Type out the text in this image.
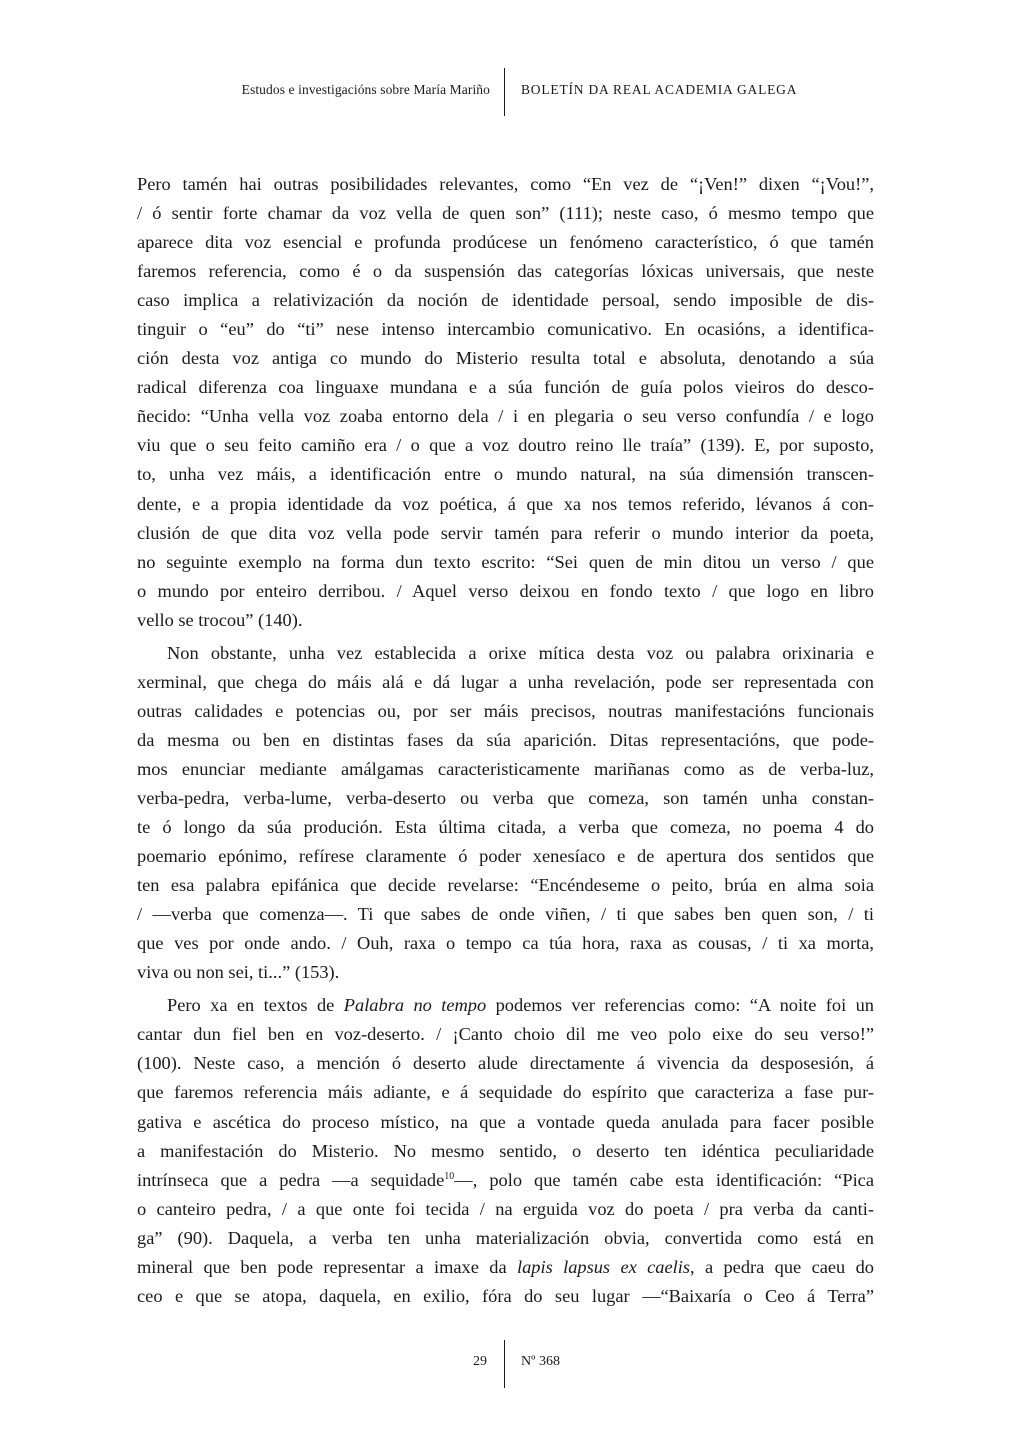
Estudos e investigacións sobre María Mariño BOLETÍN DA REAL ACADEMIA GALEGA

Pero tamén hai outras posibilidades relevantes, como “En vez de “¡Ven!” dixen “¡Vou!”,
/ ó sentir forte chamar da voz vella de quen son” (111); neste caso, ó mesmo tempo que
aparece dita voz esencial e profunda prodúcese un fenómeno característico, ó que tamén
faremos referencia, como é o da suspensión das categorías lóxicas universais, que neste
caso implica a relativización da noción de identidade persoal, sendo imposible de dis-
tinguir o “eu” do “ti” nese intenso intercambio comunicativo. En ocasións, a identifica-
ción desta voz antiga co mundo do Misterio resulta total e absoluta, denotando a súa
radical diferenza coa linguaxe mundana e a súa función de guía polos vieiros do desco-
ñecido: “Unha vella voz zoaba entorno dela / i en plegaria o seu verso confundía / e logo
viu que o seu feito camiño era / o que a voz doutro reino lle traía” (139). E, por suposto,
to, unha vez máis, a identificación entre o mundo natural, na súa dimensión transcen-
dente, e a propia identidade da voz poética, á que xa nos temos referido, lévanos á con-
clusión de que dita voz vella pode servir tamén para referir o mundo interior da poeta,
no seguinte exemplo na forma dun texto escrito: “Sei quen de min ditou un verso / que
o mundo por enteiro derribou. / Aquel verso deixou en fondo texto / que logo en libro
vello se trocou” (140).

Non obstante, unha vez establecida a orixe mítica desta voz ou palabra orixinaria e
xerminal, que chega do máis alá e dá lugar a unha revelación, pode ser representada con
outras calidades e potencias ou, por ser máis precisos, noutras manifestacións funcionais
da mesma ou ben en distintas fases da súa aparición. Ditas representacións, que pode-
mos enunciar mediante amálgamas caracteristicamente mariñanas como as de verba-luz,
verba-pedra, verba-lume, verba-deserto ou verba que comeza, son tamén unha constan-
te ó longo da súa produción. Esta última citada, a verba que comeza, no poema 4 do
poemario epónimo, refírese claramente ó poder xenesíaco e de apertura dos sentidos que
ten esa palabra epifánica que decide revelarse: “Encéndeseme o peito, brúa en alma soia
/ —verba que comenza—. Ti que sabes de onde viñen, / ti que sabes ben quen son, / ti
que ves por onde ando. / Ouh, raxa o tempo ca túa hora, raxa as cousas, / ti xa morta,
viva ou non sei, ti...” (153).

Pero xa en textos de Palabra no tempo podemos ver referencias como: “A noite foi un
cantar dun fiel ben en voz-deserto. / ¡Canto choio dil me veo polo eixe do seu verso!”
(100). Neste caso, a mención ó deserto alude directamente á vivencia da desposesión, á
que faremos referencia máis adiante, e á sequidade do espírito que caracteriza a fase pur-
gativa e ascética do proceso místico, na que a vontade queda anulada para facer posible
a manifestación do Misterio. No mesmo sentido, o deserto ten idéntica peculiaridade
intrínseca que a pedra —a sequidade$^{10}$—, polo que tamén cabe esta identificación: “Pica
o canteiro pedra, / a que onte foi tecida / na erguida voz do poeta / pra verba da canti-
ga” (90). Daquela, a verba ten unha materialización obvia, convertida como está en
mineral que ben pode representar a imaxe da lapis lapsus ex caelis, a pedra que caeu do
ceo e que se atopa, daquela, en exilio, fóra do seu lugar —“Baixaría o Ceo á Terra”

29 Nº 368
